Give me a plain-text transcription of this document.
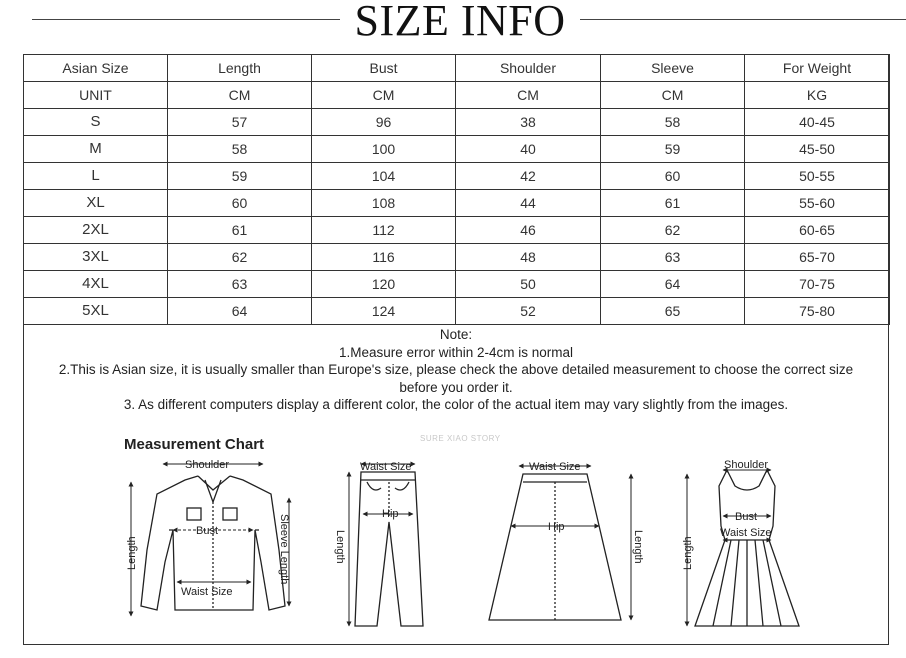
SIZE INFO
Asian Size	Length	Bust	Shoulder	Sleeve	For Weight
UNIT	CM	CM	CM	CM	KG
S	57	96	38	58	40-45
M	58	100	40	59	45-50
L	59	104	42	60	50-55
XL	60	108	44	61	55-60
2XL	61	112	46	62	60-65
3XL	62	116	48	63	65-70
4XL	63	120	50	64	70-75
5XL	64	124	52	65	75-80
Note:
1.Measure error within 2-4cm is normal
2.This is Asian size, it is usually smaller than Europe's size, please check the above detailed measurement to choose the correct size
before you order it.
3. As different computers display a different color, the color of the actual item may vary slightly from the images.
SURE XIAO STORY
Measurement Chart
Shoulder
Bust
Waist Size
Length	Sleeve Length
Waist Size
Hip
Length
Waist Size
Hip
Length
Shoulder
Bust
Waist Size
Length
